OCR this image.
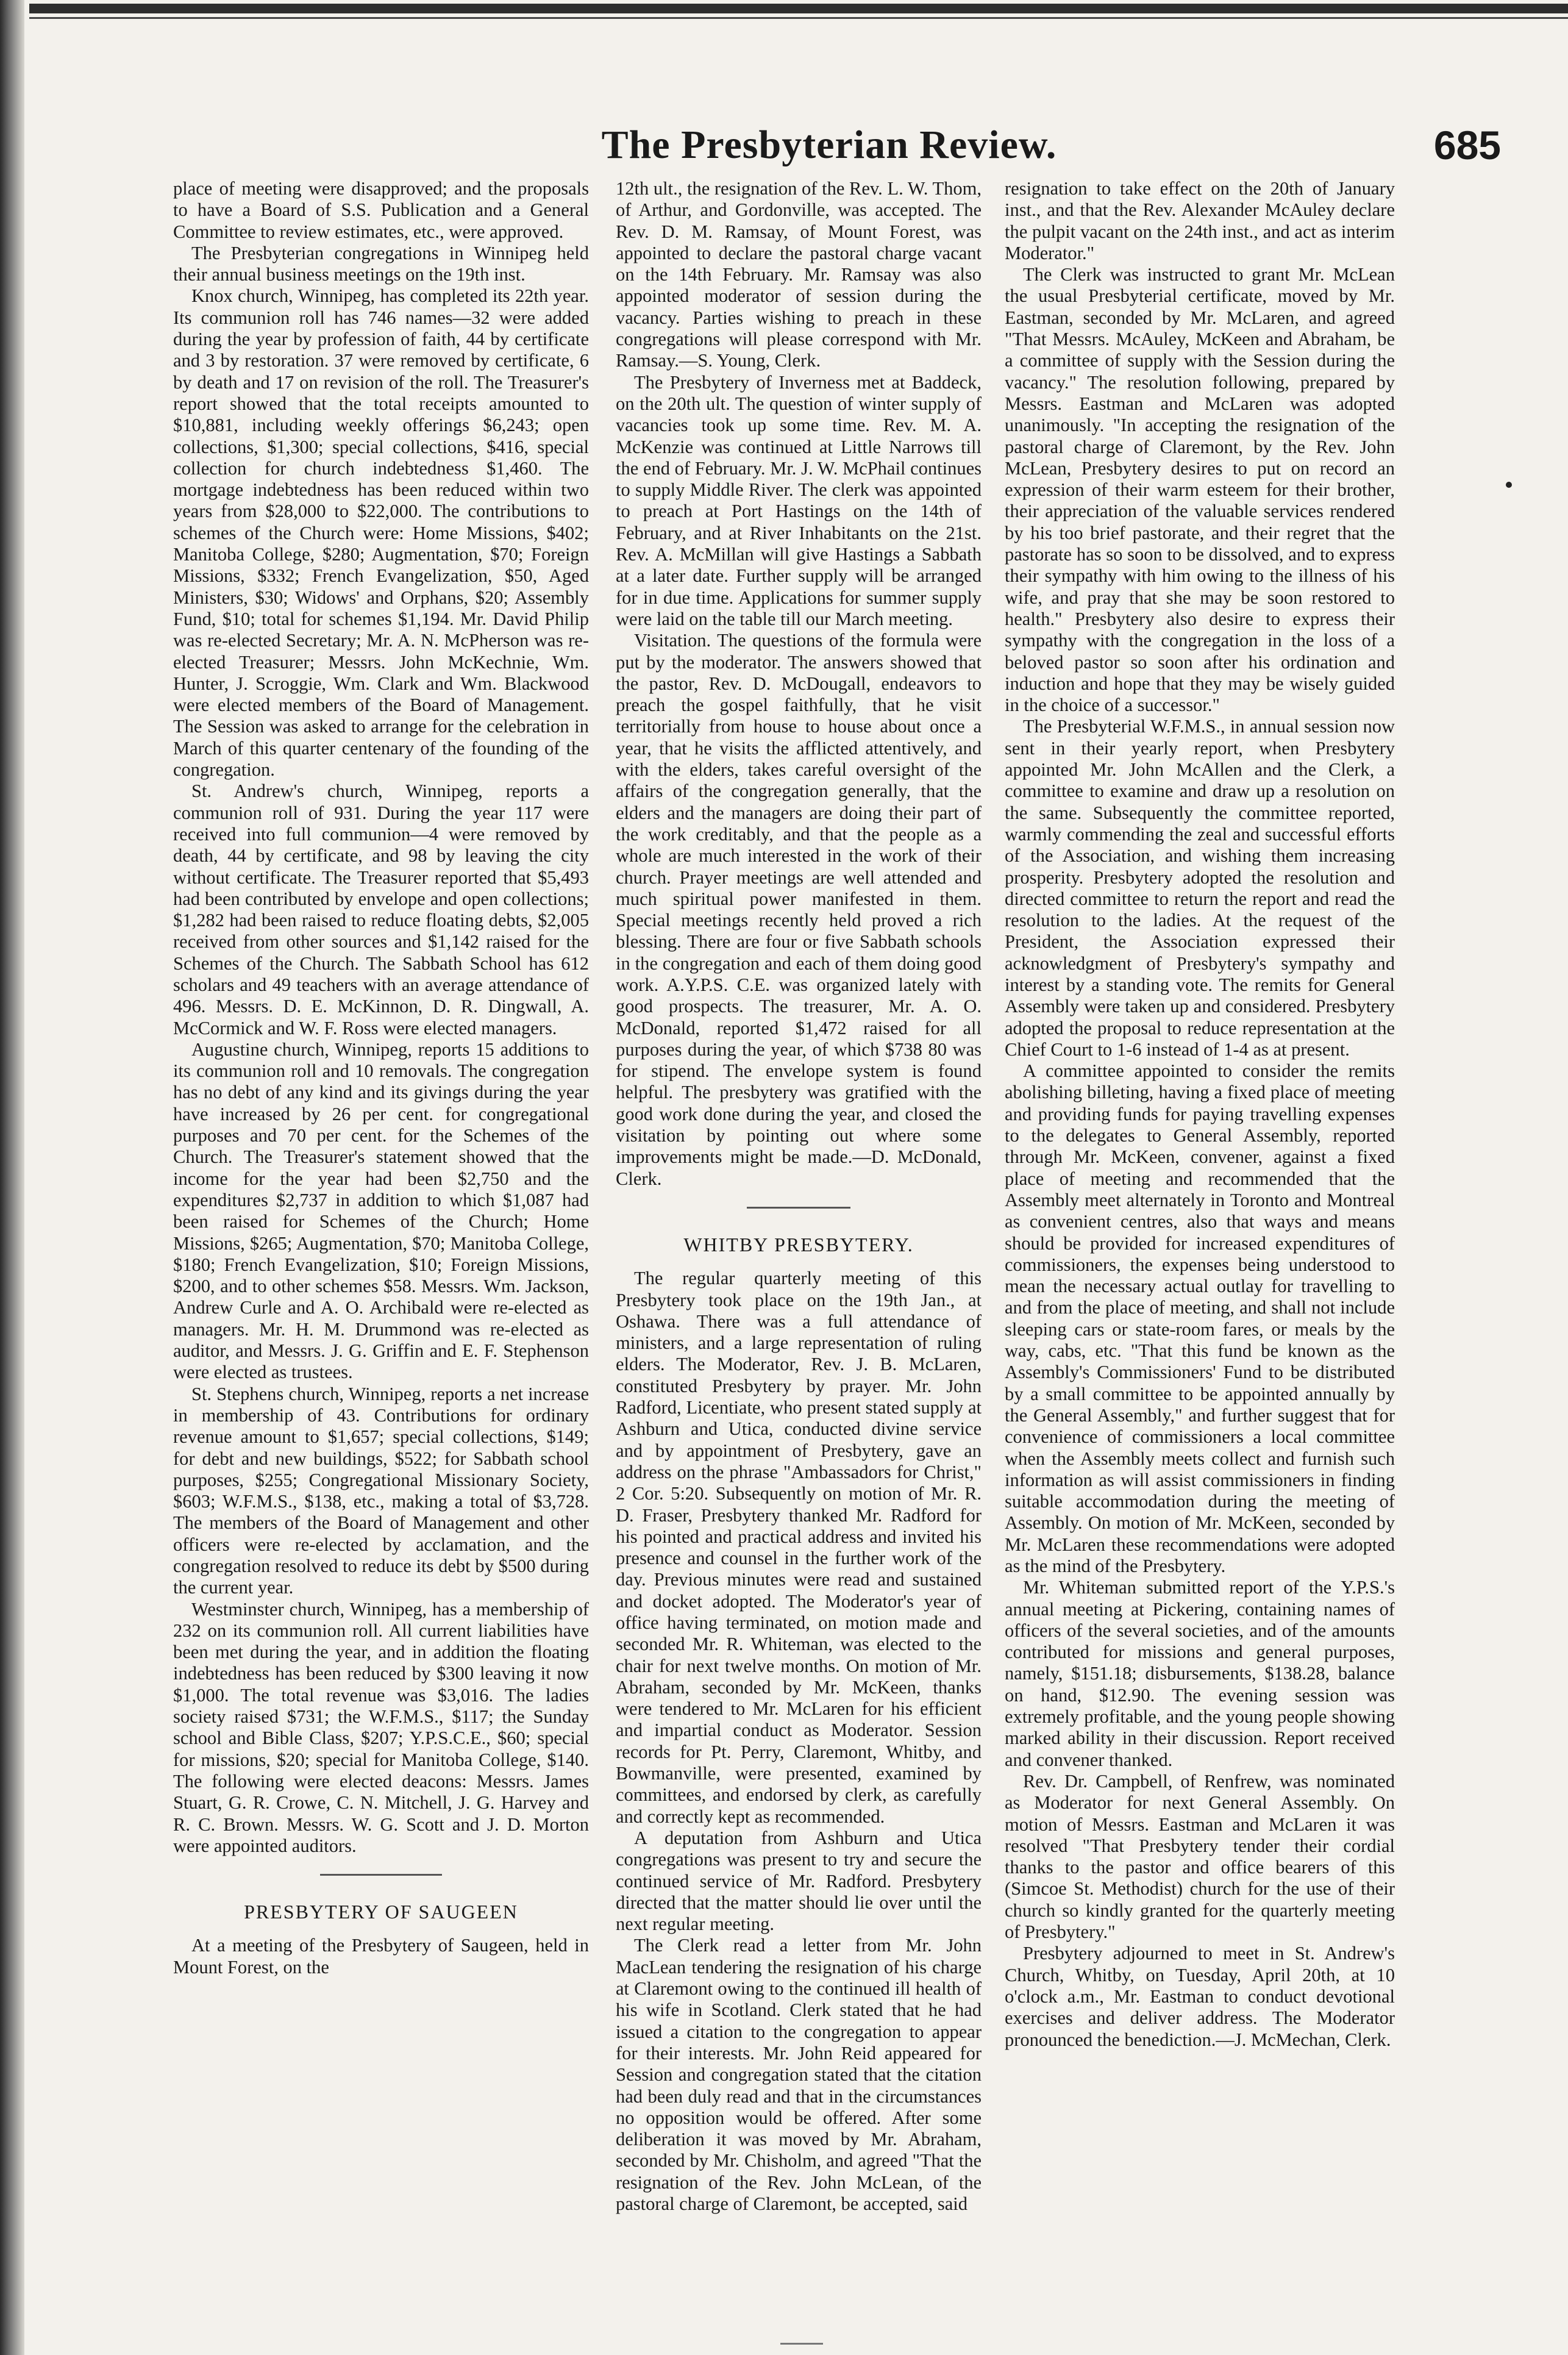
The Presbyterian Review.	685

place of meeting were disapproved; and the proposals to have a Board of S.S. Publication and a General Committee to review estimates, etc., were approved.

The Presbyterian congregations in Winnipeg held their annual business meetings on the 19th inst.

Knox church, Winnipeg, has completed its 22th year. Its communion roll has 746 names—32 were added during the year by profession of faith, 44 by certificate and 3 by restoration. 37 were removed by certificate, 6 by death and 17 on revision of the roll. The Treasurer's report showed that the total receipts amounted to $10,881, including weekly offerings $6,243; open collections, $1,300; special collections, $416, special collection for church indebtedness $1,460. The mortgage indebtedness has been reduced within two years from $28,000 to $22,000. The contributions to schemes of the Church were: Home Missions, $402; Manitoba College, $280; Augmentation, $70; Foreign Missions, $332; French Evangelization, $50, Aged Ministers, $30; Widows' and Orphans, $20; Assembly Fund, $10; total for schemes $1,194. Mr. David Philip was re-elected Secretary; Mr. A. N. McPherson was re-elected Treasurer; Messrs. John McKechnie, Wm. Hunter, J. Scroggie, Wm. Clark and Wm. Blackwood were elected members of the Board of Management. The Session was asked to arrange for the celebration in March of this quarter centenary of the founding of the congregation.

St. Andrew's church, Winnipeg, reports a communion roll of 931. During the year 117 were received into full communion—4 were removed by death, 44 by certificate, and 98 by leaving the city without certificate. The Treasurer reported that $5,493 had been contributed by envelope and open collections; $1,282 had been raised to reduce floating debts, $2,005 received from other sources and $1,142 raised for the Schemes of the Church. The Sabbath School has 612 scholars and 49 teachers with an average attendance of 496. Messrs. D. E. McKinnon, D. R. Dingwall, A. McCormick and W. F. Ross were elected managers.

Augustine church, Winnipeg, reports 15 additions to its communion roll and 10 removals. The congregation has no debt of any kind and its givings during the year have increased by 26 per cent. for congregational purposes and 70 per cent. for the Schemes of the Church. The Treasurer's statement showed that the income for the year had been $2,750 and the expenditures $2,737 in addition to which $1,087 had been raised for Schemes of the Church; Home Missions, $265; Augmentation, $70; Manitoba College, $180; French Evangelization, $10; Foreign Missions, $200, and to other schemes $58. Messrs. Wm. Jackson, Andrew Curle and A. O. Archibald were re-elected as managers. Mr. H. M. Drummond was re-elected as auditor, and Messrs. J. G. Griffin and E. F. Stephenson were elected as trustees.

St. Stephens church, Winnipeg, reports a net increase in membership of 43. Contributions for ordinary revenue amount to $1,657; special collections, $149; for debt and new buildings, $522; for Sabbath school purposes, $255; Congregational Missionary Society, $603; W.F.M.S., $138, etc., making a total of $3,728. The members of the Board of Management and other officers were re-elected by acclamation, and the congregation resolved to reduce its debt by $500 during the current year.

Westminster church, Winnipeg, has a membership of 232 on its communion roll. All current liabilities have been met during the year, and in addition the floating indebtedness has been reduced by $300 leaving it now $1,000. The total revenue was $3,016. The ladies society raised $731; the W.F.M.S., $117; the Sunday school and Bible Class, $207; Y.P.S.C.E., $60; special for missions, $20; special for Manitoba College, $140. The following were elected deacons: Messrs. James Stuart, G. R. Crowe, C. N. Mitchell, J. G. Harvey and R. C. Brown. Messrs. W. G. Scott and J. D. Morton were appointed auditors.

PRESBYTERY OF SAUGEEN

At a meeting of the Presbytery of Saugeen, held in Mount Forest, on the

12th ult., the resignation of the Rev. L. W. Thom, of Arthur, and Gordonville, was accepted. The Rev. D. M. Ramsay, of Mount Forest, was appointed to declare the pastoral charge vacant on the 14th February. Mr. Ramsay was also appointed moderator of session during the vacancy. Parties wishing to preach in these congregations will please correspond with Mr. Ramsay.—S. Young, Clerk.

The Presbytery of Inverness met at Baddeck, on the 20th ult. The question of winter supply of vacancies took up some time. Rev. M. A. McKenzie was continued at Little Narrows till the end of February. Mr. J. W. McPhail continues to supply Middle River. The clerk was appointed to preach at Port Hastings on the 14th of February, and at River Inhabitants on the 21st. Rev. A. McMillan will give Hastings a Sabbath at a later date. Further supply will be arranged for in due time. Applications for summer supply were laid on the table till our March meeting.

Visitation. The questions of the formula were put by the moderator. The answers showed that the pastor, Rev. D. McDougall, endeavors to preach the gospel faithfully, that he visit territorially from house to house about once a year, that he visits the afflicted attentively, and with the elders, takes careful oversight of the affairs of the congregation generally, that the elders and the managers are doing their part of the work creditably, and that the people as a whole are much interested in the work of their church. Prayer meetings are well attended and much spiritual power manifested in them. Special meetings recently held proved a rich blessing. There are four or five Sabbath schools in the congregation and each of them doing good work. A.Y.P.S. C.E. was organized lately with good prospects. The treasurer, Mr. A. O. McDonald, reported $1,472 raised for all purposes during the year, of which $738 80 was for stipend. The envelope system is found helpful. The presbytery was gratified with the good work done during the year, and closed the visitation by pointing out where some improvements might be made.—D. McDonald, Clerk.

WHITBY PRESBYTERY.

The regular quarterly meeting of this Presbytery took place on the 19th Jan., at Oshawa. There was a full attendance of ministers, and a large representation of ruling elders. The Moderator, Rev. J. B. McLaren, constituted Presbytery by prayer. Mr. John Radford, Licentiate, who present stated supply at Ashburn and Utica, conducted divine service and by appointment of Presbytery, gave an address on the phrase "Ambassadors for Christ," 2 Cor. 5:20. Subsequently on motion of Mr. R. D. Fraser, Presbytery thanked Mr. Radford for his pointed and practical address and invited his presence and counsel in the further work of the day. Previous minutes were read and sustained and docket adopted. The Moderator's year of office having terminated, on motion made and seconded Mr. R. Whiteman, was elected to the chair for next twelve months. On motion of Mr. Abraham, seconded by Mr. McKeen, thanks were tendered to Mr. McLaren for his efficient and impartial conduct as Moderator. Session records for Pt. Perry, Claremont, Whitby, and Bowmanville, were presented, examined by committees, and endorsed by clerk, as carefully and correctly kept as recommended.

A deputation from Ashburn and Utica congregations was present to try and secure the continued service of Mr. Radford. Presbytery directed that the matter should lie over until the next regular meeting.

The Clerk read a letter from Mr. John MacLean tendering the resignation of his charge at Claremont owing to the continued ill health of his wife in Scotland. Clerk stated that he had issued a citation to the congregation to appear for their interests. Mr. John Reid appeared for Session and congregation stated that the citation had been duly read and that in the circumstances no opposition would be offered. After some deliberation it was moved by Mr. Abraham, seconded by Mr. Chisholm, and agreed "That the resignation of the Rev. John McLean, of the pastoral charge of Claremont, be accepted, said

resignation to take effect on the 20th of January inst., and that the Rev. Alexander McAuley declare the pulpit vacant on the 24th inst., and act as interim Moderator."

The Clerk was instructed to grant Mr. McLean the usual Presbyterial certificate, moved by Mr. Eastman, seconded by Mr. McLaren, and agreed "That Messrs. McAuley, McKeen and Abraham, be a committee of supply with the Session during the vacancy." The resolution following, prepared by Messrs. Eastman and McLaren was adopted unanimously. "In accepting the resignation of the pastoral charge of Claremont, by the Rev. John McLean, Presbytery desires to put on record an expression of their warm esteem for their brother, their appreciation of the valuable services rendered by his too brief pastorate, and their regret that the pastorate has so soon to be dissolved, and to express their sympathy with him owing to the illness of his wife, and pray that she may be soon restored to health." Presbytery also desire to express their sympathy with the congregation in the loss of a beloved pastor so soon after his ordination and induction and hope that they may be wisely guided in the choice of a successor."

The Presbyterial W.F.M.S., in annual session now sent in their yearly report, when Presbytery appointed Mr. John McAllen and the Clerk, a committee to examine and draw up a resolution on the same. Subsequently the committee reported, warmly commending the zeal and successful efforts of the Association, and wishing them increasing prosperity. Presbytery adopted the resolution and directed committee to return the report and read the resolution to the ladies. At the request of the President, the Association expressed their acknowledgment of Presbytery's sympathy and interest by a standing vote. The remits for General Assembly were taken up and considered. Presbytery adopted the proposal to reduce representation at the Chief Court to 1-6 instead of 1-4 as at present.

A committee appointed to consider the remits abolishing billeting, having a fixed place of meeting and providing funds for paying travelling expenses to the delegates to General Assembly, reported through Mr. McKeen, convener, against a fixed place of meeting and recommended that the Assembly meet alternately in Toronto and Montreal as convenient centres, also that ways and means should be provided for increased expenditures of commissioners, the expenses being understood to mean the necessary actual outlay for travelling to and from the place of meeting, and shall not include sleeping cars or state-room fares, or meals by the way, cabs, etc. "That this fund be known as the Assembly's Commissioners' Fund to be distributed by a small committee to be appointed annually by the General Assembly," and further suggest that for convenience of commissioners a local committee when the Assembly meets collect and furnish such information as will assist commissioners in finding suitable accommodation during the meeting of Assembly. On motion of Mr. McKeen, seconded by Mr. McLaren these recommendations were adopted as the mind of the Presbytery.

Mr. Whiteman submitted report of the Y.P.S.'s annual meeting at Pickering, containing names of officers of the several societies, and of the amounts contributed for missions and general purposes, namely, $151.18; disbursements, $138.28, balance on hand, $12.90. The evening session was extremely profitable, and the young people showing marked ability in their discussion. Report received and convener thanked.

Rev. Dr. Campbell, of Renfrew, was nominated as Moderator for next General Assembly. On motion of Messrs. Eastman and McLaren it was resolved "That Presbytery tender their cordial thanks to the pastor and office bearers of this (Simcoe St. Methodist) church for the use of their church so kindly granted for the quarterly meeting of Presbytery."

Presbytery adjourned to meet in St. Andrew's Church, Whitby, on Tuesday, April 20th, at 10 o'clock a.m., Mr. Eastman to conduct devotional exercises and deliver address. The Moderator pronounced the benediction.—J. McMechan, Clerk.
